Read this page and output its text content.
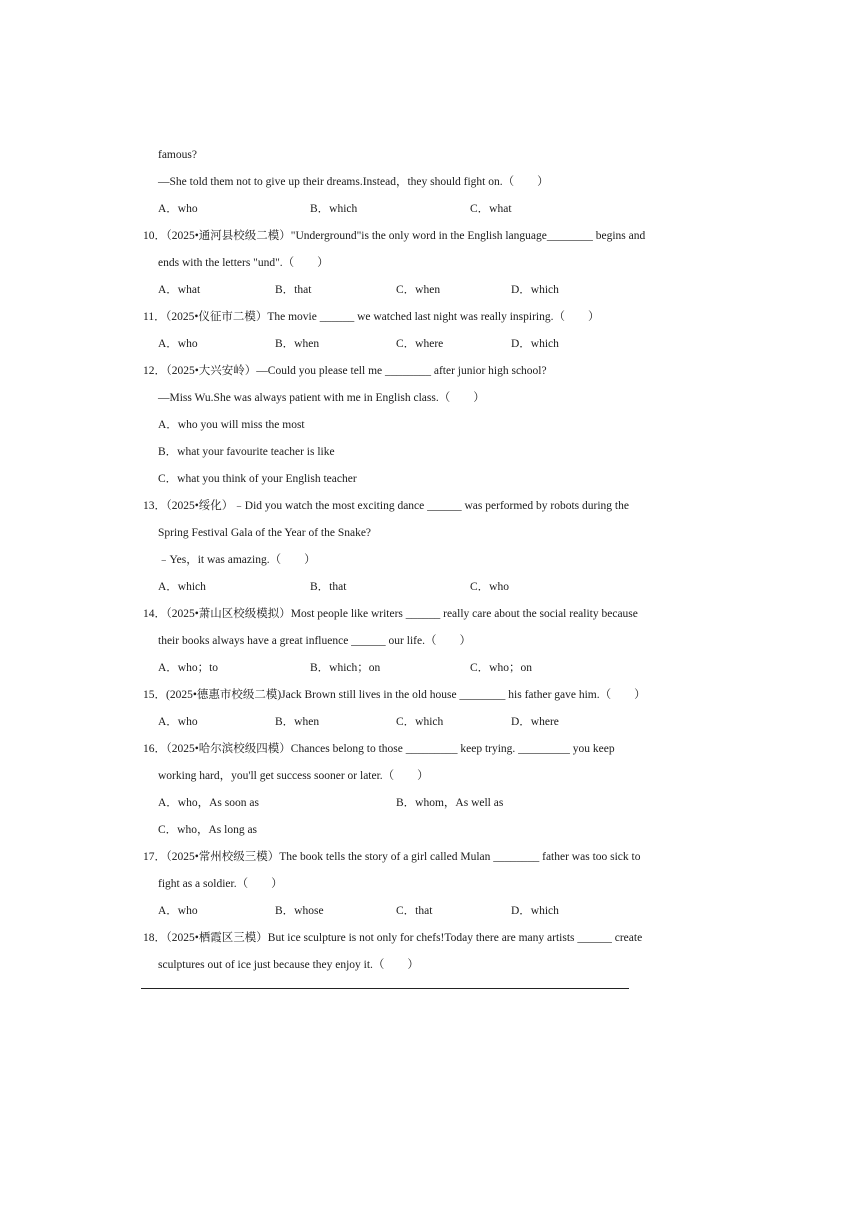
famous?
—She told them not to give up their dreams.Instead，they should fight on.（　　）
A．who	B．which	C．what
10．（2025•通河县校级二模）"Underground"is the only word in the English language________ begins and
ends with the letters "und".（　　）
A．what	B．that	C．when	D．which
11．（2025•仪征市二模）The movie ______ we watched last night was really inspiring.（　　）
A．who	B．when	C．where	D．which
12．（2025•大兴安岭）—Could you please tell me ________ after junior high school?
—Miss Wu.She was always patient with me in English class.（　　）
A．who you will miss the most
B．what your favourite teacher is like
C．what you think of your English teacher
13．（2025•绥化）﹣Did you watch the most exciting dance ______ was performed by robots during the
Spring Festival Gala of the Year of the Snake?
﹣Yes，it was amazing.（　　）
A．which	B．that	C．who
14．（2025•萧山区校级模拟）Most people like writers ______ really care about the social reality because
their books always have a great influence ______ our life.（　　）
A．who；to	B．which；on	C．who；on
15．(2025•德惠市校级二模)Jack Brown still lives in the old house ________ his father gave him.（　　）
A．who	B．when	C．which	D．where
16．（2025•哈尔滨校级四模）Chances belong to those _________ keep trying. _________ you keep
working hard，you'll get success sooner or later.（　　）
A．who，As soon as	B．whom，As well as
C．who，As long as
17．（2025•常州校级三模）The book tells the story of a girl called Mulan ________ father was too sick to
fight as a soldier.（　　）
A．who	B．whose	C．that	D．which
18．（2025•栖霞区三模）But ice sculpture is not only for chefs!Today there are many artists ______ create
sculptures out of ice just because they enjoy it.（　　）
